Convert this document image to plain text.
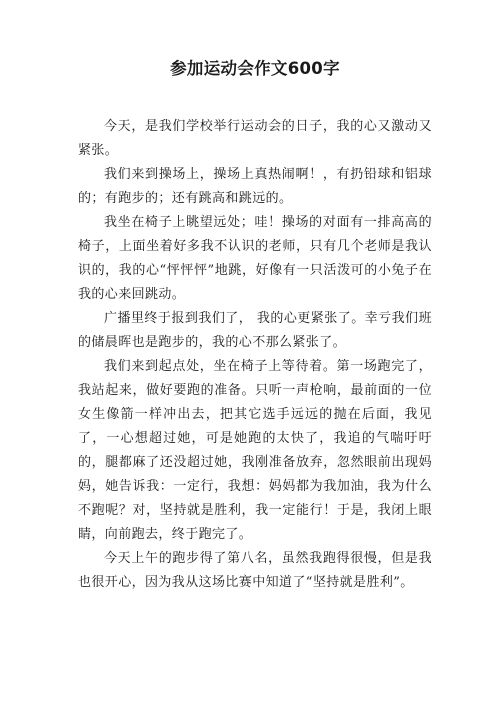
参加运动会作文600字

今天，是我们学校举行运动会的日子，我的心又激动又紧张。

我们来到操场上，操场上真热闹啊！，有扔铅球和铝球的；有跑步的；还有跳高和跳远的。

我坐在椅子上眺望远处；哇！操场的对面有一排高高的椅子，上面坐着好多我不认识的老师，只有几个老师是我认识的，我的心“怦怦怦”地跳，好像有一只活泼可的小兔子在我的心来回跳动。

广播里终于报到我们了， 我的心更紧张了。幸亏我们班的储晨晖也是跑步的，我的心不那么紧张了。

我们来到起点处，坐在椅子上等待着。第一场跑完了，我站起来，做好要跑的准备。只听一声枪响，最前面的一位女生像箭一样冲出去，把其它选手远远的抛在后面，我见了，一心想超过她，可是她跑的太快了，我追的气喘吁吁的，腿都麻了还没超过她，我刚准备放弃，忽然眼前出现妈妈，她告诉我：一定行，我想：妈妈都为我加油，我为什么不跑呢？对，坚持就是胜利，我一定能行！于是，我闭上眼睛，向前跑去，终于跑完了。

今天上午的跑步得了第八名，虽然我跑得很慢，但是我也很开心，因为我从这场比赛中知道了“坚持就是胜利”。
